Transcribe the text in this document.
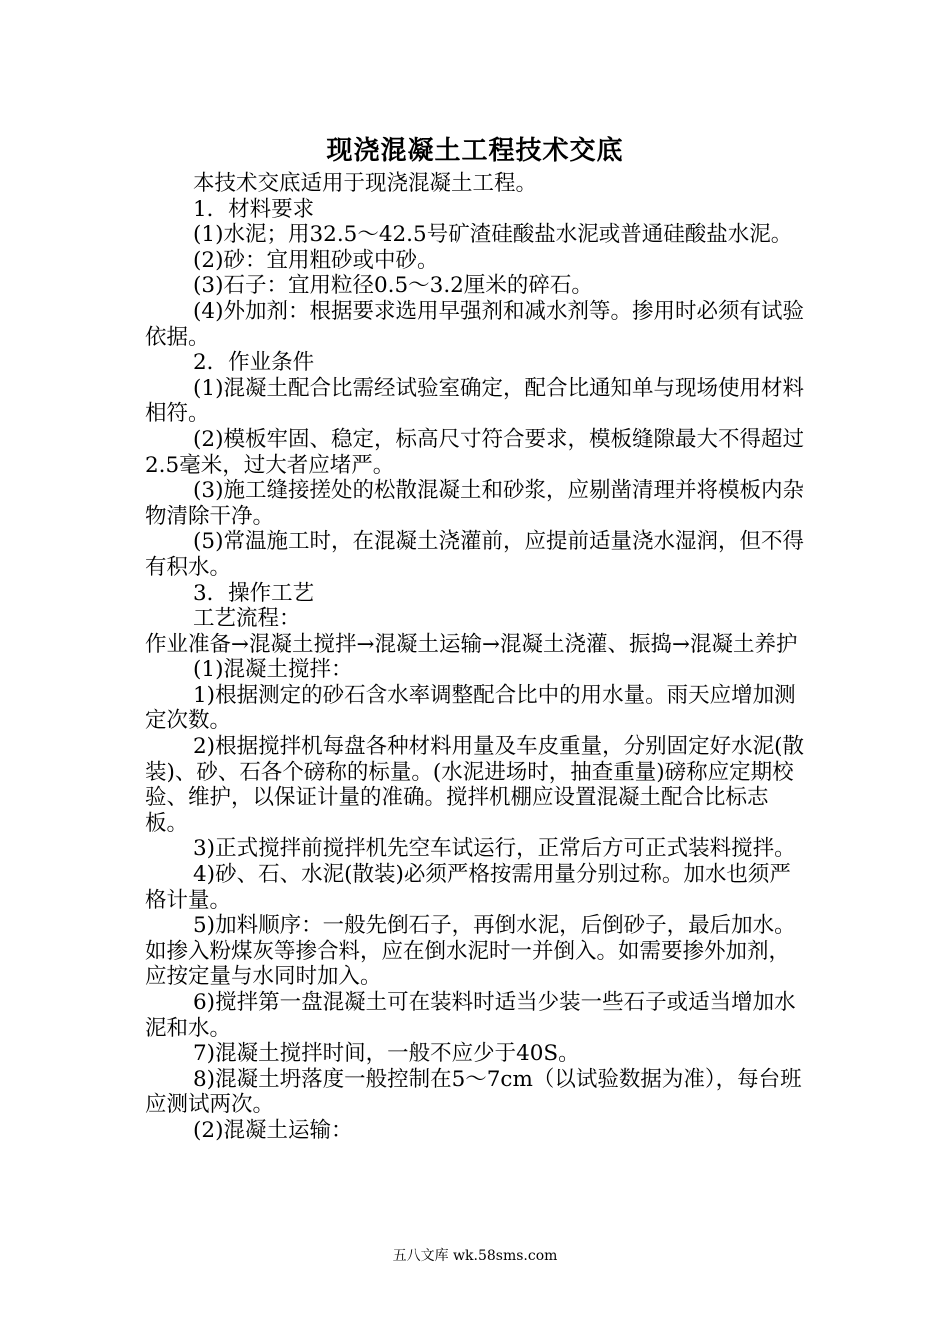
现浇混凝土工程技术交底

本技术交底适用于现浇混凝土工程。

1．材料要求

(1)水泥；用32.5～42.5号矿渣硅酸盐水泥或普通硅酸盐水泥。

(2)砂：宜用粗砂或中砂。

(3)石子：宜用粒径0.5～3.2厘米的碎石。

(4)外加剂：根据要求选用早强剂和减水剂等。掺用时必须有试验依据。

2．作业条件

(1)混凝土配合比需经试验室确定，配合比通知单与现场使用材料相符。

(2)模板牢固、稳定，标高尺寸符合要求，模板缝隙最大不得超过2.5毫米，过大者应堵严。

(3)施工缝接搓处的松散混凝土和砂浆，应剔凿清理并将模板内杂物清除干净。

(5)常温施工时，在混凝土浇灌前，应提前适量浇水湿润，但不得有积水。

3．操作工艺

工艺流程：

作业准备→混凝土搅拌→混凝土运输→混凝土浇灌、振捣→混凝土养护

(1)混凝土搅拌：

1)根据测定的砂石含水率调整配合比中的用水量。雨天应增加测定次数。

2)根据搅拌机每盘各种材料用量及车皮重量，分别固定好水泥(散装)、砂、石各个磅称的标量。(水泥进场时，抽查重量)磅称应定期校验、维护，以保证计量的准确。搅拌机棚应设置混凝土配合比标志板。

3)正式搅拌前搅拌机先空车试运行，正常后方可正式装料搅拌。

4)砂、石、水泥(散装)必须严格按需用量分别过称。加水也须严格计量。

5)加料顺序：一般先倒石子，再倒水泥，后倒砂子，最后加水。如掺入粉煤灰等掺合料，应在倒水泥时一并倒入。如需要掺外加剂，应按定量与水同时加入。

6)搅拌第一盘混凝土可在装料时适当少装一些石子或适当增加水泥和水。

7)混凝土搅拌时间，一般不应少于40S。

8)混凝土坍落度一般控制在5～7cm（以试验数据为准），每台班应测试两次。

(2)混凝土运输：

五八文库 wk.58sms.com
